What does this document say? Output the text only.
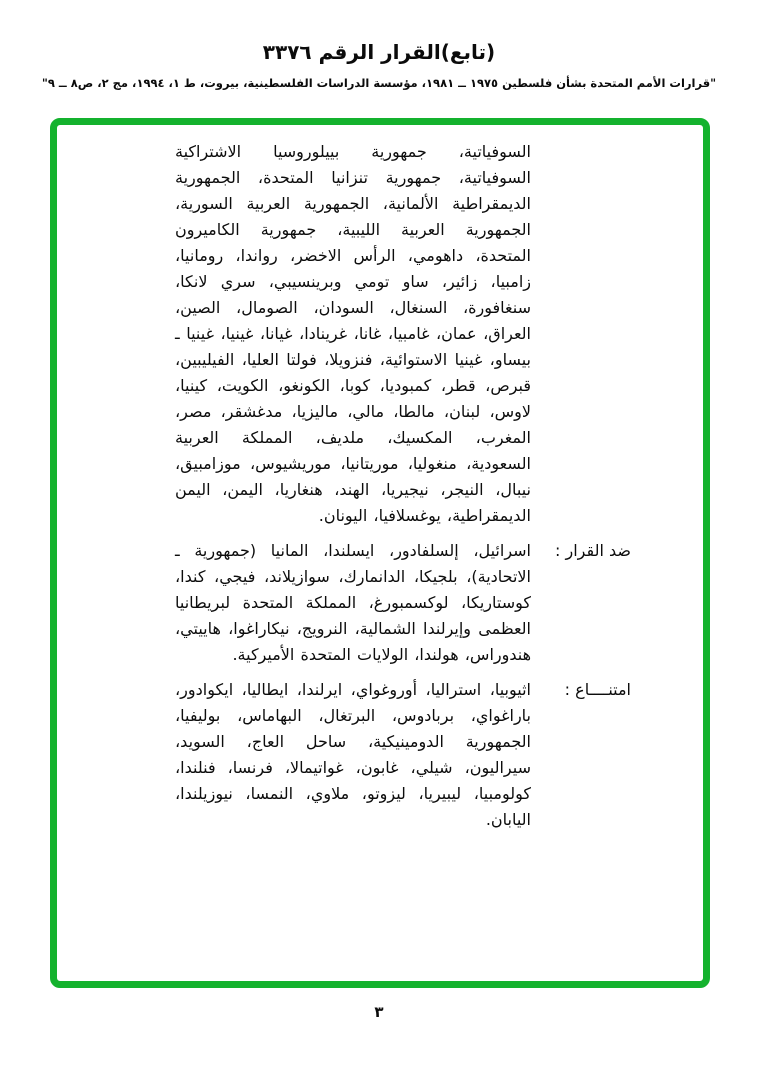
(تابع)القرار الرقم ٣٣٧٦
"قرارات الأمم المتحدة بشأن فلسطين ١٩٧٥ ــ ١٩٨١، مؤسسة الدراسات الفلسطينية، بيروت، ط ١، ١٩٩٤، مج ٢، ص٨ ــ ٩"
السوفياتية، جمهورية بييلوروسيا الاشتراكية السوفياتية، جمهورية تنزانيا المتحدة، الجمهورية الديمقراطية الألمانية، الجمهورية العربية السورية، الجمهورية العربية الليبية، جمهورية الكاميرون المتحدة، داهومي، الرأس الاخضر، رواندا، رومانيا، زامبيا، زائير، ساو تومي وبرينسيبي، سري لانكا، سنغافورة، السنغال، السودان، الصومال، الصين، العراق، عمان، غامبيا، غانا، غرينادا، غيانا، غينيا، غينيا ـ بيساو، غينيا الاستوائية، فنزويلا، فولتا العليا، الفيليبين، قبرص، قطر، كمبوديا، كوبا، الكونغو، الكويت، كينيا، لاوس، لبنان، مالطا، مالي، ماليزيا، مدغشقر، مصر، المغرب، المكسيك، ملديف، المملكة العربية السعودية، منغوليا، موريتانيا، موريشيوس، موزامبيق، نيبال، النيجر، نيجيريا، الهند، هنغاريا، اليمن، اليمن الديمقراطية، يوغسلافيا، اليونان.
ضد القرار :
اسرائيل، إلسلفادور، ايسلندا، المانيا (جمهورية ـ الاتحادية)، بلجيكا، الدانمارك، سوازيلاند، فيجي، كندا، كوستاريكا، لوكسمبورغ، المملكة المتحدة لبريطانيا العظمى وإيرلندا الشمالية، النرويج، نيكاراغوا، هاييتي، هندوراس، هولندا، الولايات المتحدة الأميركية.
امتنــــاع :
اثيوبيا، استراليا، أوروغواي، ايرلندا، ايطاليا، ايكوادور، باراغواي، بربادوس، البرتغال، البهاماس، بوليفيا، الجمهورية الدومينيكية، ساحل العاج، السويد، سيراليون، شيلي، غابون، غواتيمالا، فرنسا، فنلندا، كولومبيا، ليبيريا، ليزوتو، ملاوي، النمسا، نيوزيلندا، اليابان.
٣
